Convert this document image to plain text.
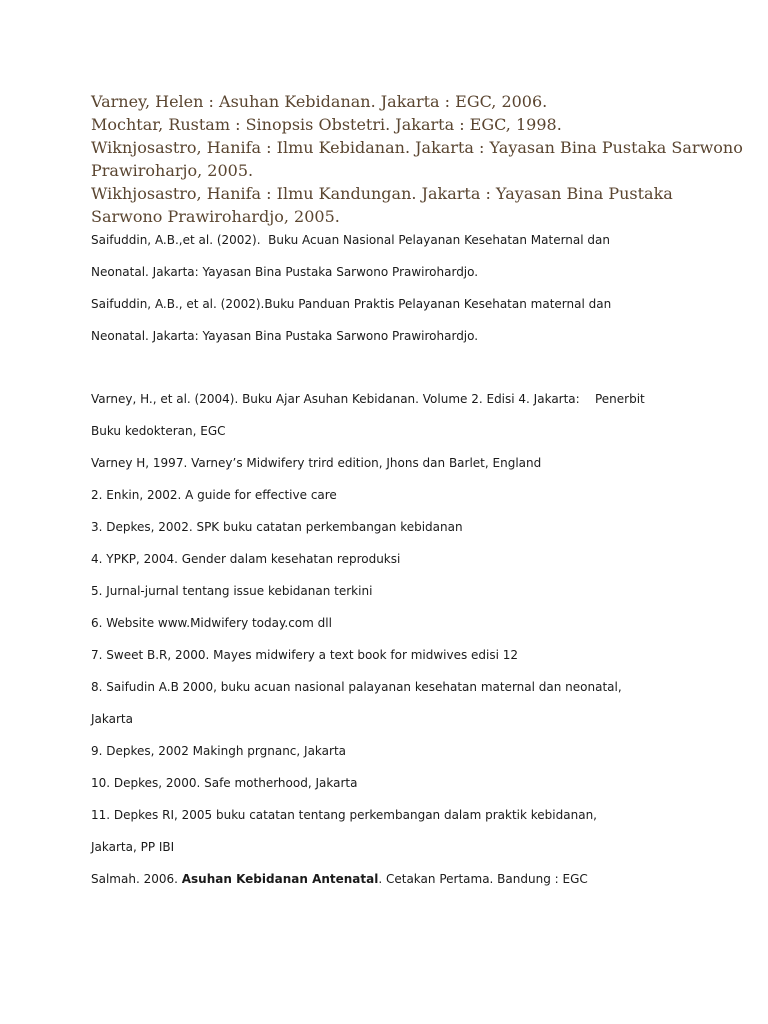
Varney, Helen : Asuhan Kebidanan. Jakarta : EGC, 2006.
Mochtar, Rustam : Sinopsis Obstetri. Jakarta : EGC, 1998.
Wiknjosastro, Hanifa : Ilmu Kebidanan. Jakarta : Yayasan Bina Pustaka Sarwono
Prawiroharjo, 2005.
Wikhjosastro, Hanifa : Ilmu Kandungan. Jakarta : Yayasan Bina Pustaka
Sarwono Prawirohardjo, 2005.
Saifuddin, A.B.,et al. (2002).  Buku Acuan Nasional Pelayanan Kesehatan Maternal dan
Neonatal. Jakarta: Yayasan Bina Pustaka Sarwono Prawirohardjo.
Saifuddin, A.B., et al. (2002).Buku Panduan Praktis Pelayanan Kesehatan maternal dan
Neonatal. Jakarta: Yayasan Bina Pustaka Sarwono Prawirohardjo.
Varney, H., et al. (2004). Buku Ajar Asuhan Kebidanan. Volume 2. Edisi 4. Jakarta:    Penerbit
Buku kedokteran, EGC
Varney H, 1997. Varney’s Midwifery trird edition, Jhons dan Barlet, England
2. Enkin, 2002. A guide for effective care
3. Depkes, 2002. SPK buku catatan perkembangan kebidanan
4. YPKP, 2004. Gender dalam kesehatan reproduksi
5. Jurnal-jurnal tentang issue kebidanan terkini
6. Website www.Midwifery today.com dll
7. Sweet B.R, 2000. Mayes midwifery a text book for midwives edisi 12
8. Saifudin A.B 2000, buku acuan nasional palayanan kesehatan maternal dan neonatal,
Jakarta
9. Depkes, 2002 Makingh prgnanc, Jakarta
10. Depkes, 2000. Safe motherhood, Jakarta
11. Depkes RI, 2005 buku catatan tentang perkembangan dalam praktik kebidanan,
Jakarta, PP IBI
Salmah. 2006. Asuhan Kebidanan Antenatal. Cetakan Pertama. Bandung : EGC
